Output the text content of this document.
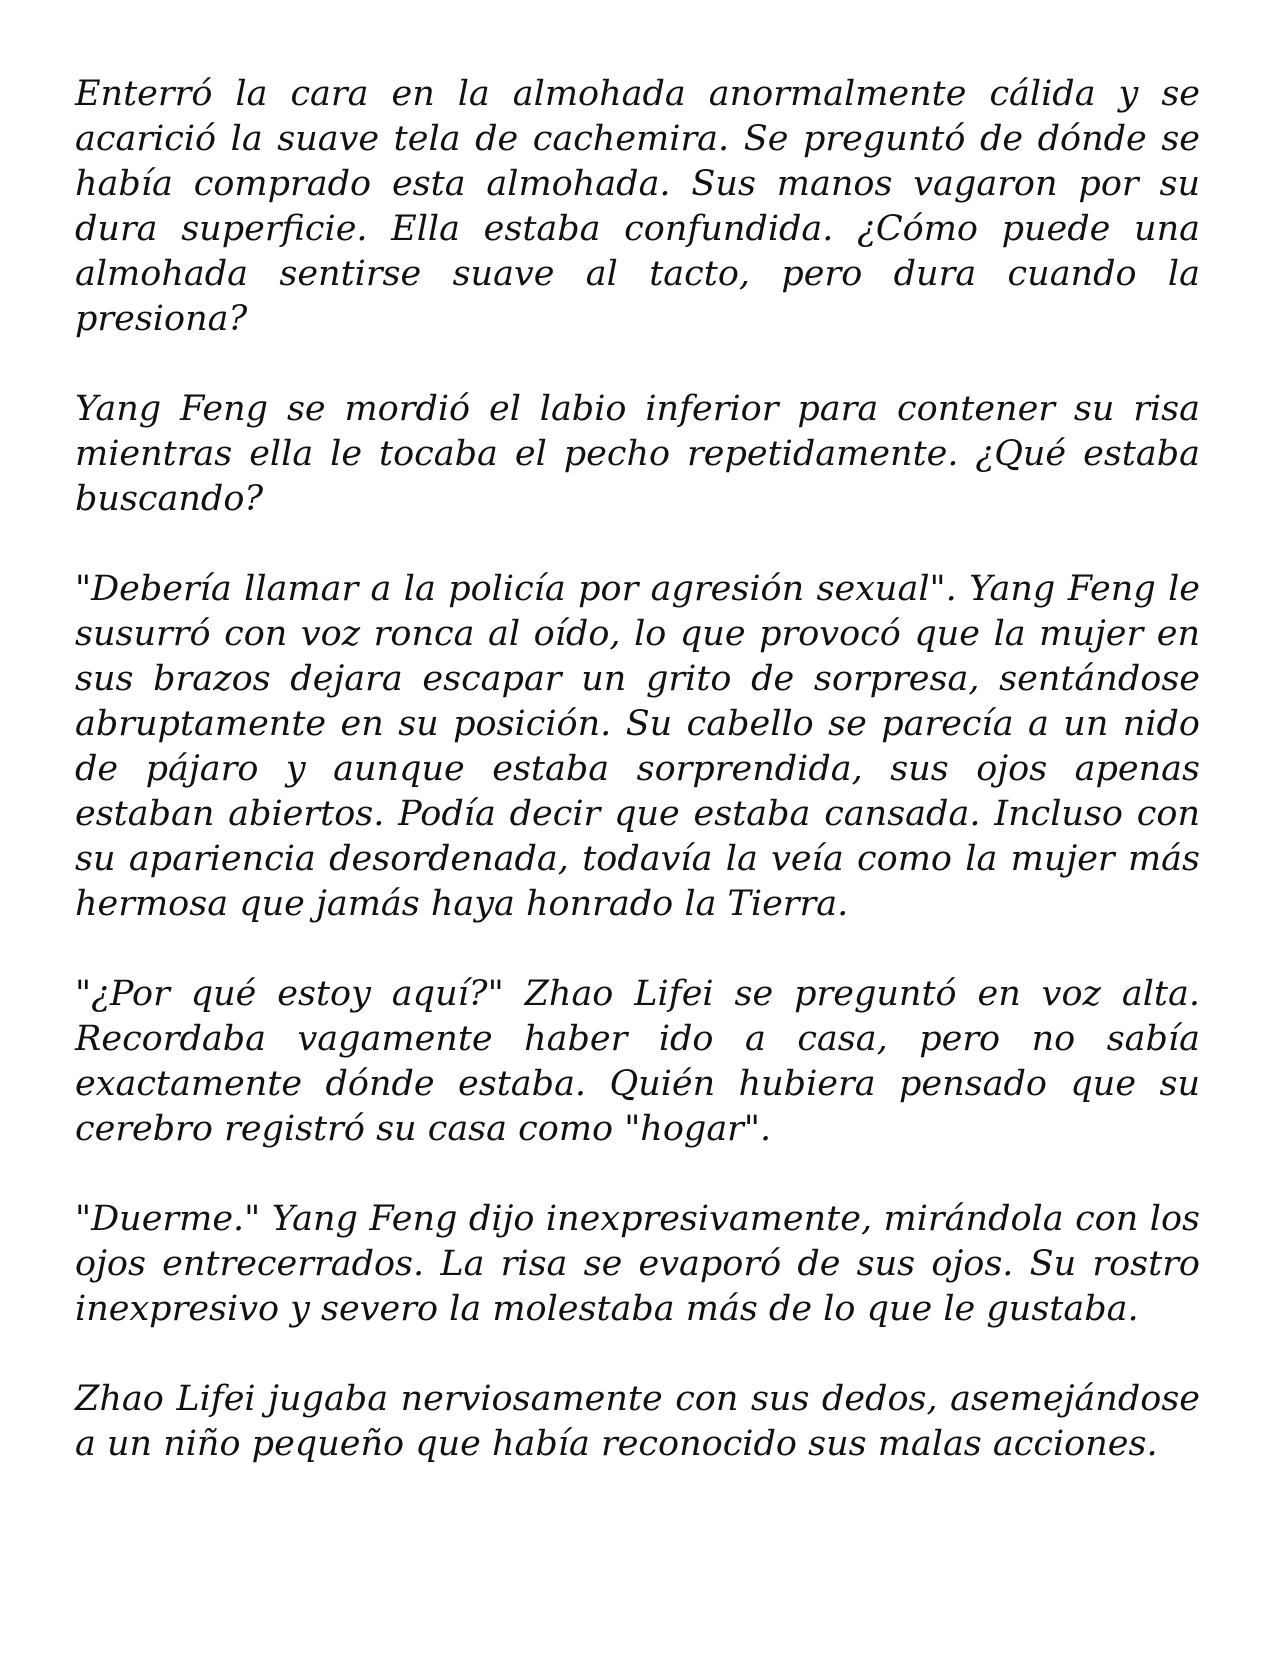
Enterró la cara en la almohada anormalmente cálida y se acarició la suave tela de cachemira. Se preguntó de dónde se había comprado esta almohada. Sus manos vagaron por su dura superficie. Ella estaba confundida. ¿Cómo puede una almohada sentirse suave al tacto, pero dura cuando la presiona?

Yang Feng se mordió el labio inferior para contener su risa mientras ella le tocaba el pecho repetidamente. ¿Qué estaba buscando?

"Debería llamar a la policía por agresión sexual". Yang Feng le susurró con voz ronca al oído, lo que provocó que la mujer en sus brazos dejara escapar un grito de sorpresa, sentándose abruptamente en su posición. Su cabello se parecía a un nido de pájaro y aunque estaba sorprendida, sus ojos apenas estaban abiertos. Podía decir que estaba cansada. Incluso con su apariencia desordenada, todavía la veía como la mujer más hermosa que jamás haya honrado la Tierra.

"¿Por qué estoy aquí?" Zhao Lifei se preguntó en voz alta. Recordaba vagamente haber ido a casa, pero no sabía exactamente dónde estaba. Quién hubiera pensado que su cerebro registró su casa como "hogar".

"Duerme." Yang Feng dijo inexpresivamente, mirándola con los ojos entrecerrados. La risa se evaporó de sus ojos. Su rostro inexpresivo y severo la molestaba más de lo que le gustaba.

Zhao Lifei jugaba nerviosamente con sus dedos, asemejándose a un niño pequeño que había reconocido sus malas acciones.
